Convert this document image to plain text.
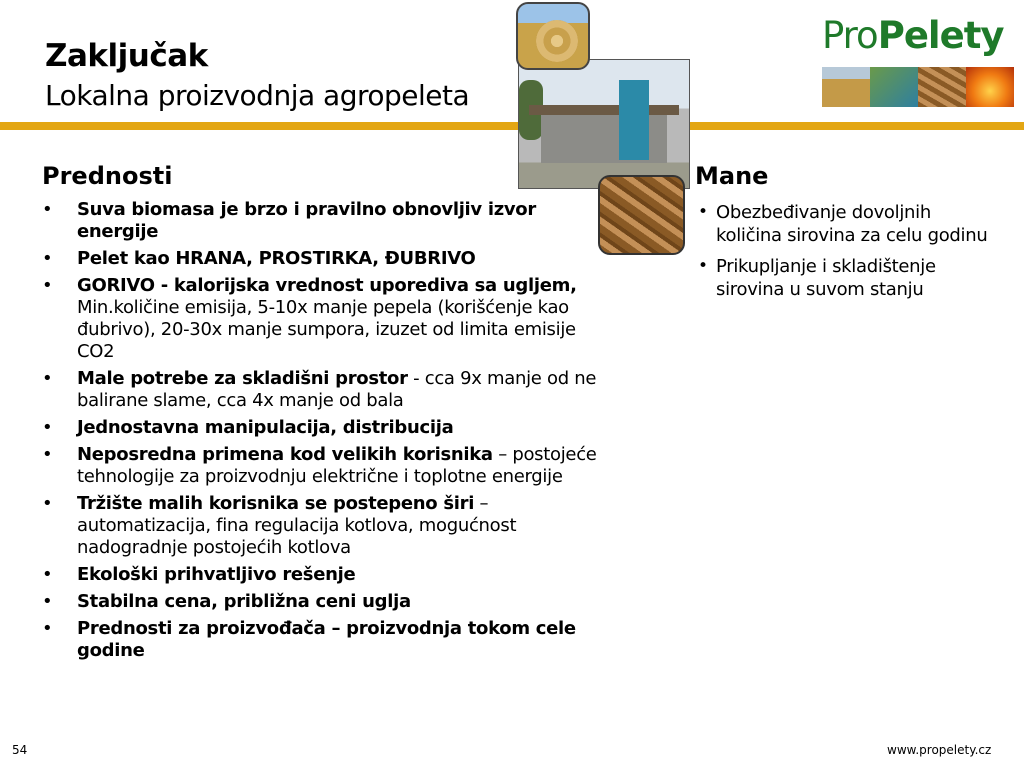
Zaključak
Lokalna proizvodnja agropeleta
ProPelety
Prednosti
• Suva biomasa je brzo i pravilno obnovljiv izvor energije
• Pelet kao HRANA, PROSTIRKA, ĐUBRIVO
• GORIVO - kalorijska vrednost uporediva sa ugljem, Min.količine emisija, 5-10x manje pepela (korišćenje kao đubrivo), 20-30x manje sumpora, izuzet od limita emisije CO2
• Male potrebe za skladišni prostor - cca 9x manje od ne balirane slame, cca 4x manje od bala
• Jednostavna manipulacija, distribucija
• Neposredna primena kod velikih korisnika – postojeće tehnologije za proizvodnju električne i toplotne energije
• Tržište malih korisnika se postepeno širi – automatizacija, fina regulacija kotlova, mogućnost nadogradnje postojećih kotlova
• Ekološki prihvatljivo rešenje
• Stabilna cena, približna ceni uglja
• Prednosti za proizvođača – proizvodnja tokom cele godine
Mane
• Obezbeđivanje dovoljnih količina sirovina za celu godinu
• Prikupljanje i skladištenje sirovina u suvom stanju
54	www.propelety.cz
